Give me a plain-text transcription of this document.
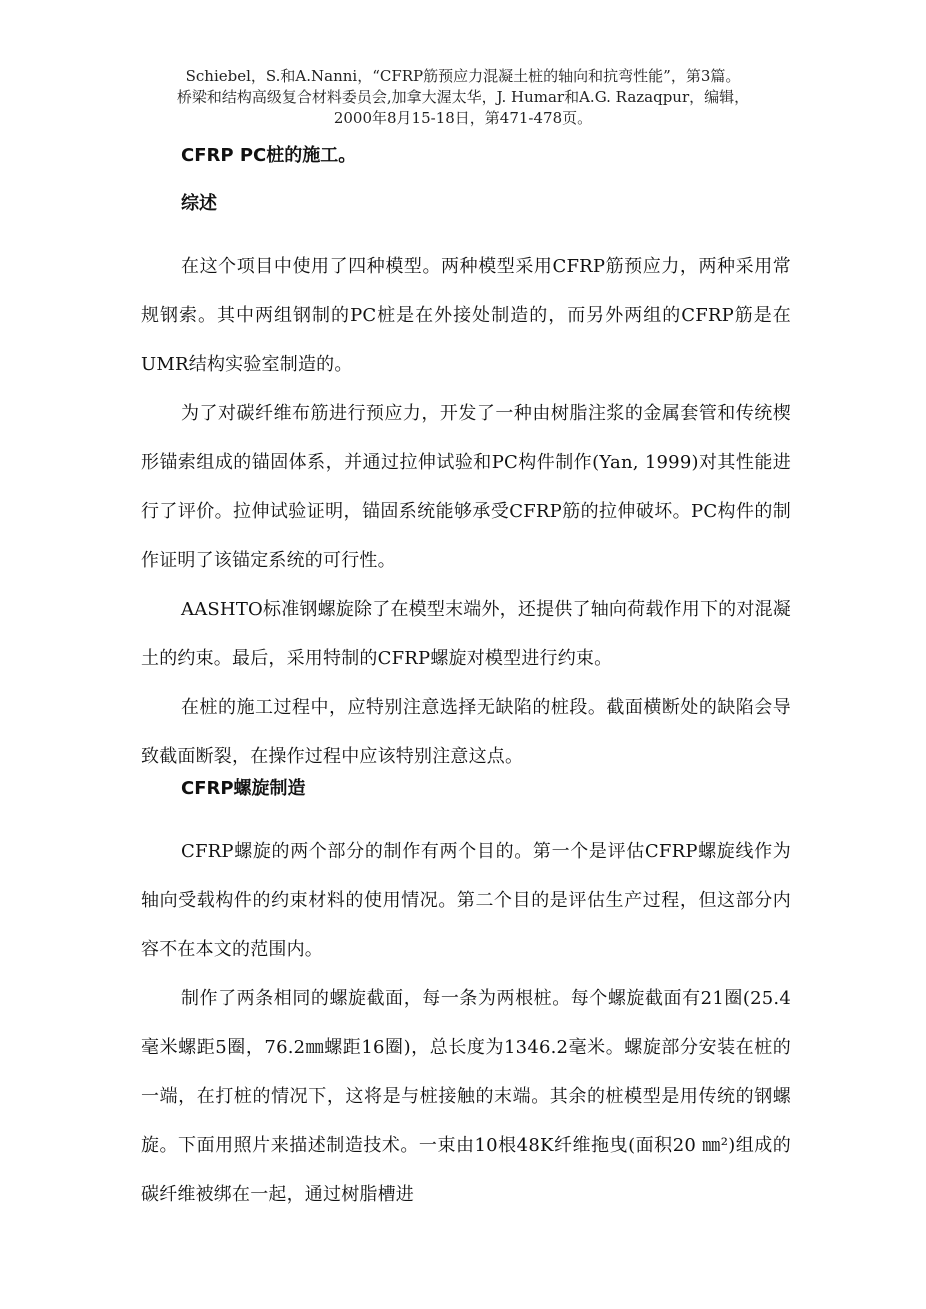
Schiebel，S.和A.Nanni，“CFRP筋预应力混凝土桩的轴向和抗弯性能”，第3篇。
桥梁和结构高级复合材料委员会,加拿大渥太华，J. Humar和A.G. Razaqpur，编辑，
2000年8月15-18日，第471-478页。
CFRP PC桩的施工。
综述

在这个项目中使用了四种模型。两种模型采用CFRP筋预应力，两种采用常规钢索。其中两组钢制的PC桩是在外接处制造的，而另外两组的CFRP筋是在UMR结构实验室制造的。

为了对碳纤维布筋进行预应力，开发了一种由树脂注浆的金属套管和传统楔形锚索组成的锚固体系，并通过拉伸试验和PC构件制作(Yan, 1999)对其性能进行了评价。拉伸试验证明，锚固系统能够承受CFRP筋的拉伸破坏。PC构件的制作证明了该锚定系统的可行性。

AASHTO标准钢螺旋除了在模型末端外，还提供了轴向荷载作用下的对混凝土的约束。最后，采用特制的CFRP螺旋对模型进行约束。

在桩的施工过程中，应特别注意选择无缺陷的桩段。截面横断处的缺陷会导致截面断裂，在操作过程中应该特别注意这点。

CFRP螺旋制造

CFRP螺旋的两个部分的制作有两个目的。第一个是评估CFRP螺旋线作为轴向受载构件的约束材料的使用情况。第二个目的是评估生产过程，但这部分内容不在本文的范围内。

制作了两条相同的螺旋截面，每一条为两根桩。每个螺旋截面有21圈(25.4毫米螺距5圈，76.2㎜螺距16圈)，总长度为1346.2毫米。螺旋部分安装在桩的一端，在打桩的情况下，这将是与桩接触的末端。其余的桩模型是用传统的钢螺旋。下面用照片来描述制造技术。一束由10根48K纤维拖曳(面积20 ㎜²)组成的碳纤维被绑在一起，通过树脂槽进
